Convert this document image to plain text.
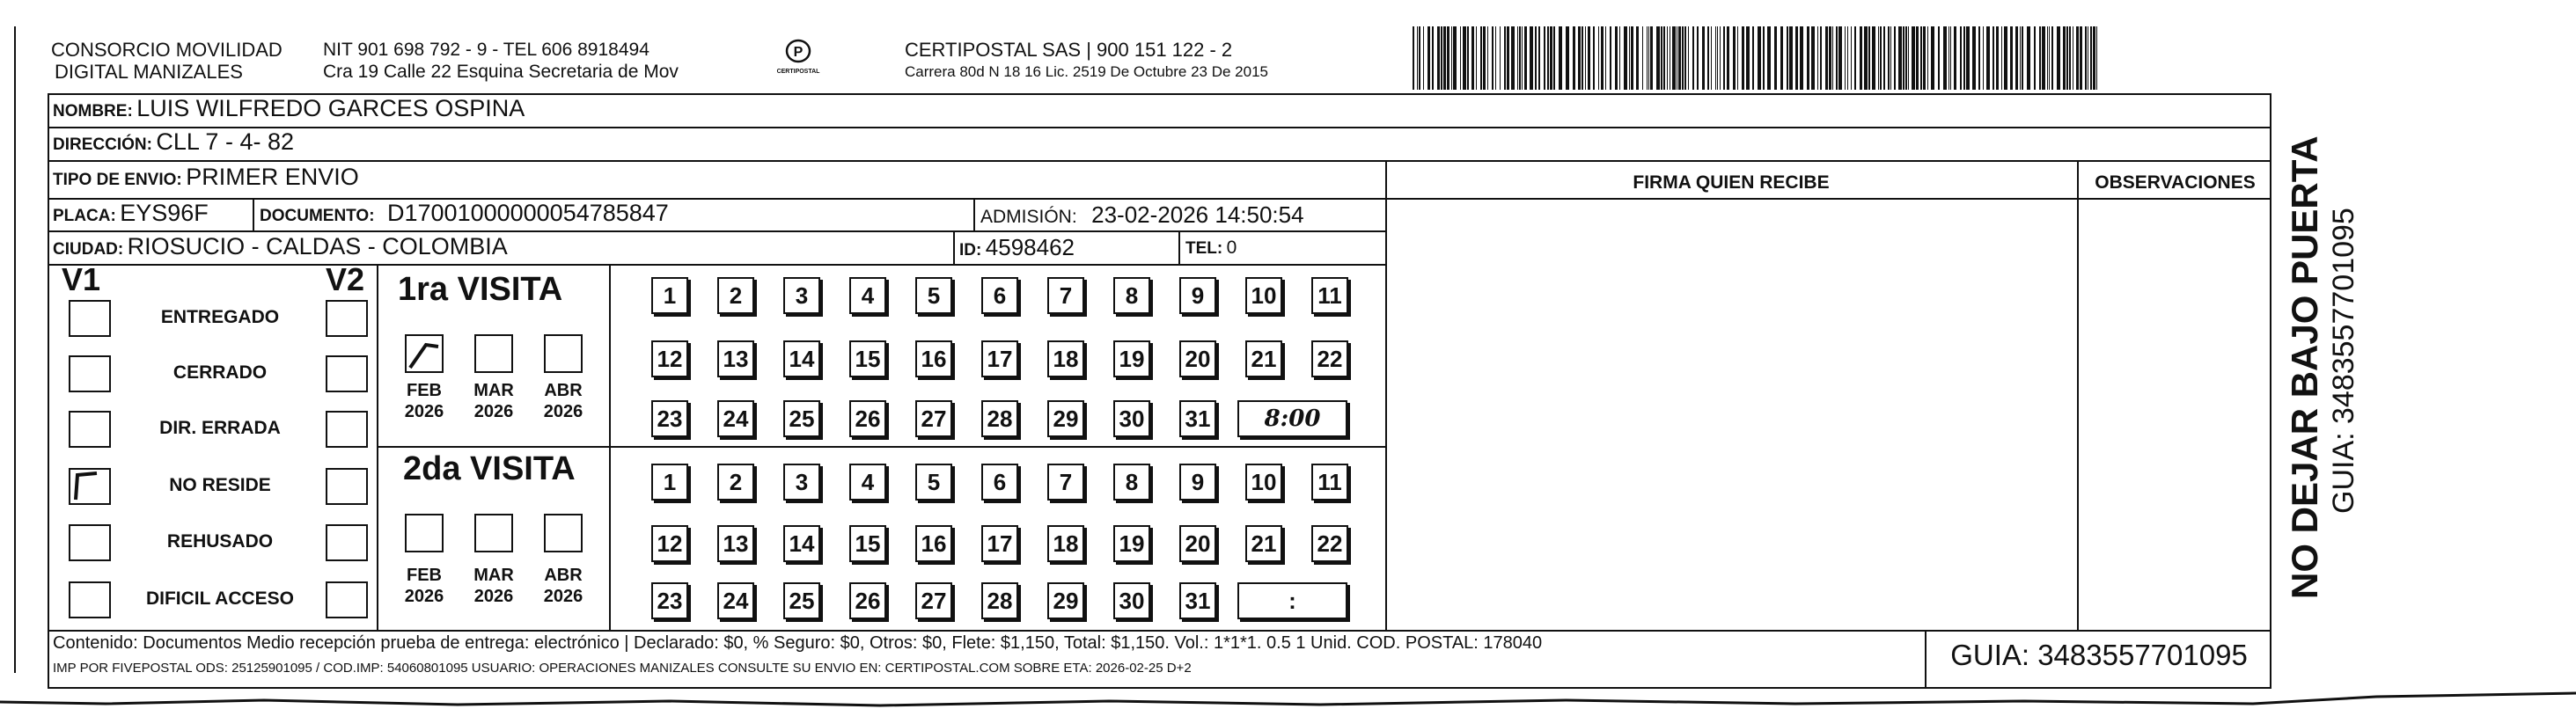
CONSORCIO MOVILIDAD
DIGITAL MANIZALES
NIT 901 698 792 - 9 - TEL 606 8918494
Cra 19 Calle 22 Esquina Secretaria de Mov
P
CERTIPOSTAL
CERTIPOSTAL SAS | 900 151 122 - 2
Carrera 80d N 18 16 Lic. 2519 De Octubre 23 De 2015
NOMBRE: LUIS WILFREDO GARCES OSPINA
DIRECCIÓN: CLL 7 - 4- 82
TIPO DE ENVIO: PRIMER ENVIO
PLACA: EYS96F	DOCUMENTO: D17001000000054785847	ADMISIÓN: 23-02-2026 14:50:54
CIUDAD: RIOSUCIO - CALDAS - COLOMBIA	ID: 4598462	TEL: 0
FIRMA QUIEN RECIBE	OBSERVACIONES
V1	V2
ENTREGADO
CERRADO
DIR. ERRADA
NO RESIDE
REHUSADO
DIFICIL ACCESO
1ra VISITA
2da VISITA
FEB
2026
MAR
2026
ABR
2026
FEB
2026
MAR
2026
ABR
2026
1	2	3	4	5	6	7	8	9	10 11
12 13 14 15 16 17 18 19 20 21 22
23 24 25 26 27 28 29 30 31	8:00
1	2	3	4	5	6	7	8	9	10 11
12 13 14 15 16 17 18 19 20 21 22
23 24 25 26 27 28 29 30 31	:
Contenido: Documentos Medio recepción prueba de entrega: electrónico | Declarado: $0, % Seguro: $0, Otros: $0, Flete: $1,150, Total: $1,150. Vol.: 1*1*1. 0.5 1 Unid. COD. POSTAL: 178040
IMP POR FIVEPOSTAL ODS: 25125901095 / COD.IMP: 54060801095 USUARIO: OPERACIONES MANIZALES CONSULTE SU ENVIO EN: CERTIPOSTAL.COM SOBRE ETA: 2026-02-25 D+2	GUIA: 3483557701095
NO DEJAR BAJO PUERTA GUIA: 3483557701095
